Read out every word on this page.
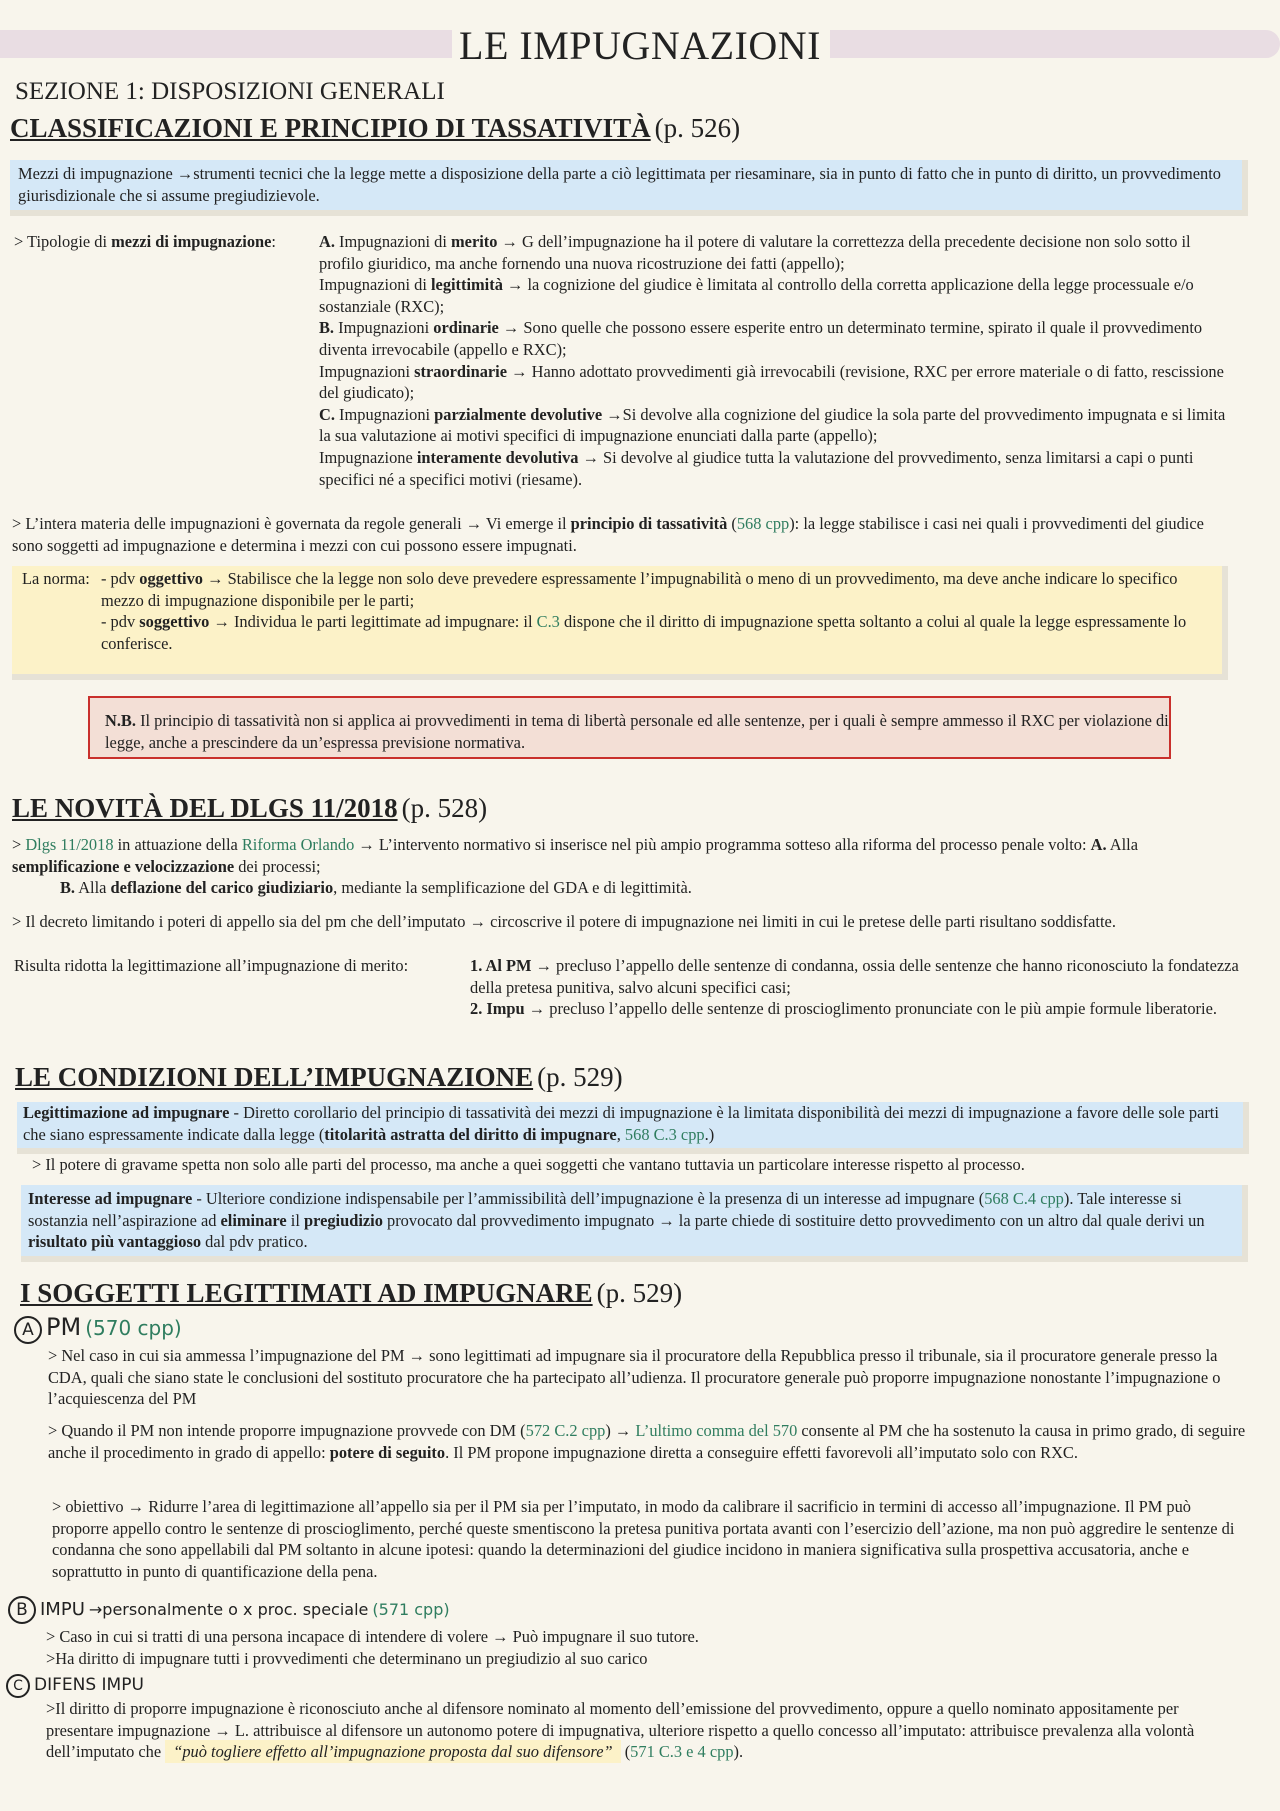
LE IMPUGNAZIONI
SEZIONE 1: DISPOSIZIONI GENERALI
CLASSIFICAZIONI E PRINCIPIO DI TASSATIVITÀ (p. 526)
Mezzi di impugnazione →strumenti tecnici che la legge mette a disposizione della parte a ciò legittimata per riesaminare, sia in punto di fatto che in punto di diritto, un provvedimento giurisdizionale che si assume pregiudizievole.
> Tipologie di mezzi di impugnazione:	A. Impugnazioni di merito → G dell’impugnazione ha il potere di valutare la correttezza della precedente decisione non solo sotto il profilo giuridico, ma anche fornendo una nuova ricostruzione dei fatti (appello);
Impugnazioni di legittimità → la cognizione del giudice è limitata al controllo della corretta applicazione della legge processuale e/o sostanziale (RXC);
B. Impugnazioni ordinarie → Sono quelle che possono essere esperite entro un determinato termine, spirato il quale il provvedimento diventa irrevocabile (appello e RXC);
Impugnazioni straordinarie → Hanno adottato provvedimenti già irrevocabili (revisione, RXC per errore materiale o di fatto, rescissione del giudicato);
C. Impugnazioni parzialmente devolutive →Si devolve alla cognizione del giudice la sola parte del provvedimento impugnata e si limita la sua valutazione ai motivi specifici di impugnazione enunciati dalla parte (appello);
Impugnazione interamente devolutiva → Si devolve al giudice tutta la valutazione del provvedimento, senza limitarsi a capi o punti specifici né a specifici motivi (riesame).
> L’intera materia delle impugnazioni è governata da regole generali → Vi emerge il principio di tassatività (568 cpp): la legge stabilisce i casi nei quali i provvedimenti del giudice sono soggetti ad impugnazione e determina i mezzi con cui possono essere impugnati.
La norma: - pdv oggettivo → Stabilisce che la legge non solo deve prevedere espressamente l’impugnabilità o meno di un provvedimento, ma deve anche indicare lo specifico mezzo di impugnazione disponibile per le parti;
- pdv soggettivo → Individua le parti legittimate ad impugnare: il C.3 dispone che il diritto di impugnazione spetta soltanto a colui al quale la legge espressamente lo conferisce.
N.B. Il principio di tassatività non si applica ai provvedimenti in tema di libertà personale ed alle sentenze, per i quali è sempre ammesso il RXC per violazione di legge, anche a prescindere da un’espressa previsione normativa.
LE NOVITÀ DEL DLGS 11/2018 (p. 528)
> Dlgs 11/2018 in attuazione della Riforma Orlando → L’intervento normativo si inserisce nel più ampio programma sotteso alla riforma del processo penale volto: A. Alla semplificazione e velocizzazione dei processi;
B. Alla deflazione del carico giudiziario, mediante la semplificazione del GDA e di legittimità.
> Il decreto limitando i poteri di appello sia del pm che dell’imputato → circoscrive il potere di impugnazione nei limiti in cui le pretese delle parti risultano soddisfatte.
Risulta ridotta la legittimazione all’impugnazione di merito:	1. Al PM → precluso l’appello delle sentenze di condanna, ossia delle sentenze che hanno riconosciuto la fondatezza della pretesa punitiva, salvo alcuni specifici casi;
2. Impu → precluso l’appello delle sentenze di proscioglimento pronunciate con le più ampie formule liberatorie.
LE CONDIZIONI DELL’IMPUGNAZIONE (p. 529)
Legittimazione ad impugnare - Diretto corollario del principio di tassatività dei mezzi di impugnazione è la limitata disponibilità dei mezzi di impugnazione a favore delle sole parti che siano espressamente indicate dalla legge (titolarità astratta del diritto di impugnare, 568 C.3 cpp.)
> Il potere di gravame spetta non solo alle parti del processo, ma anche a quei soggetti che vantano tuttavia un particolare interesse rispetto al processo.
Interesse ad impugnare - Ulteriore condizione indispensabile per l’ammissibilità dell’impugnazione è la presenza di un interesse ad impugnare (568 C.4 cpp). Tale interesse si sostanzia nell’aspirazione ad eliminare il pregiudizio provocato dal provvedimento impugnato → la parte chiede di sostituire detto provvedimento con un altro dal quale derivi un risultato più vantaggioso dal pdv pratico.
I SOGGETTI LEGITTIMATI AD IMPUGNARE (p. 529)
A PM (570 cpp)
> Nel caso in cui sia ammessa l’impugnazione del PM → sono legittimati ad impugnare sia il procuratore della Repubblica presso il tribunale, sia il procuratore generale presso la CDA, quali che siano state le conclusioni del sostituto procuratore che ha partecipato all’udienza. Il procuratore generale può proporre impugnazione nonostante l’impugnazione o l’acquiescenza del PM
> Quando il PM non intende proporre impugnazione provvede con DM (572 C.2 cpp) → L’ultimo comma del 570 consente al PM che ha sostenuto la causa in primo grado, di seguire anche il procedimento in grado di appello: potere di seguito. Il PM propone impugnazione diretta a conseguire effetti favorevoli all’imputato solo con RXC.
> obiettivo → Ridurre l’area di legittimazione all’appello sia per il PM sia per l’imputato, in modo da calibrare il sacrificio in termini di accesso all’impugnazione. Il PM può proporre appello contro le sentenze di proscioglimento, perché queste smentiscono la pretesa punitiva portata avanti con l’esercizio dell’azione, ma non può aggredire le sentenze di condanna che sono appellabili dal PM soltanto in alcune ipotesi: quando la determinazioni del giudice incidono in maniera significativa sulla prospettiva accusatoria, anche e soprattutto in punto di quantificazione della pena.
B IMPU →personalmente o x proc. speciale (571 cpp)
> Caso in cui si tratti di una persona incapace di intendere di volere → Può impugnare il suo tutore.
>Ha diritto di impugnare tutti i provvedimenti che determinano un pregiudizio al suo carico
C DIFENS IMPU
>Il diritto di proporre impugnazione è riconosciuto anche al difensore nominato al momento dell’emissione del provvedimento, oppure a quello nominato appositamente per presentare impugnazione → L. attribuisce al difensore un autonomo potere di impugnativa, ulteriore rispetto a quello concesso all’imputato: attribuisce prevalenza alla volontà dell’imputato che “può togliere effetto all’impugnazione proposta dal suo difensore” (571 C.3 e 4 cpp).
